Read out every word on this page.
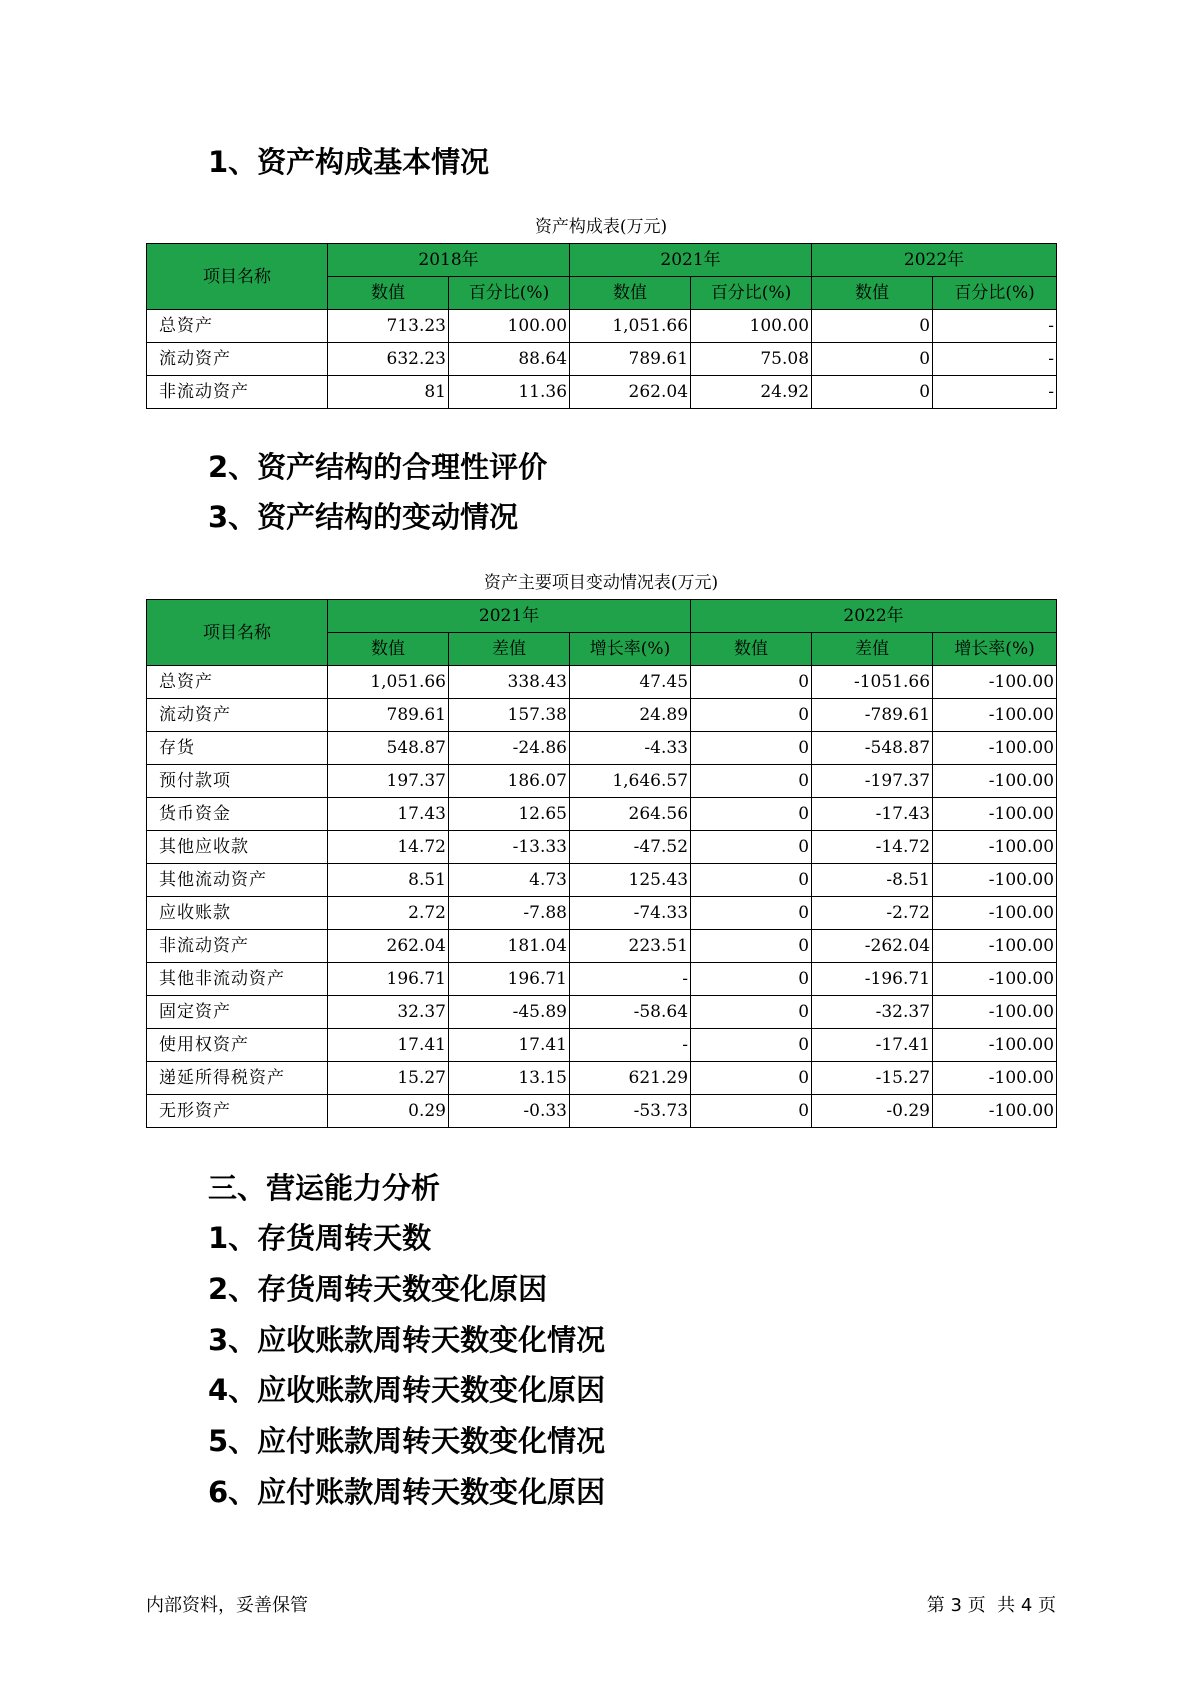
1、资产构成基本情况
资产构成表(万元)
项目名称	2018年		2021年		2022年	
	数值	百分比(%)	数值	百分比(%)	数值	百分比(%)
总资产	713.23	100.00	1,051.66	100.00	0	-
流动资产	632.23	88.64	789.61	75.08	0	-
非流动资产	81	11.36	262.04	24.92	0	-
2、资产结构的合理性评价
3、资产结构的变动情况
资产主要项目变动情况表(万元)
项目名称	2021年			2022年		
	数值	差值	增长率(%)	数值	差值	增长率(%)
总资产	1,051.66	338.43	47.45	0	-1051.66	-100.00
流动资产	789.61	157.38	24.89	0	-789.61	-100.00
存货	548.87	-24.86	-4.33	0	-548.87	-100.00
预付款项	197.37	186.07	1,646.57	0	-197.37	-100.00
货币资金	17.43	12.65	264.56	0	-17.43	-100.00
其他应收款	14.72	-13.33	-47.52	0	-14.72	-100.00
其他流动资产	8.51	4.73	125.43	0	-8.51	-100.00
应收账款	2.72	-7.88	-74.33	0	-2.72	-100.00
非流动资产	262.04	181.04	223.51	0	-262.04	-100.00
其他非流动资产	196.71	196.71	-	0	-196.71	-100.00
固定资产	32.37	-45.89	-58.64	0	-32.37	-100.00
使用权资产	17.41	17.41	-	0	-17.41	-100.00
递延所得税资产	15.27	13.15	621.29	0	-15.27	-100.00
无形资产	0.29	-0.33	-53.73	0	-0.29	-100.00
三、营运能力分析
1、存货周转天数
2、存货周转天数变化原因
3、应收账款周转天数变化情况
4、应收账款周转天数变化原因
5、应付账款周转天数变化情况
6、应付账款周转天数变化原因
内部资料，妥善保管	第 3 页  共 4 页
